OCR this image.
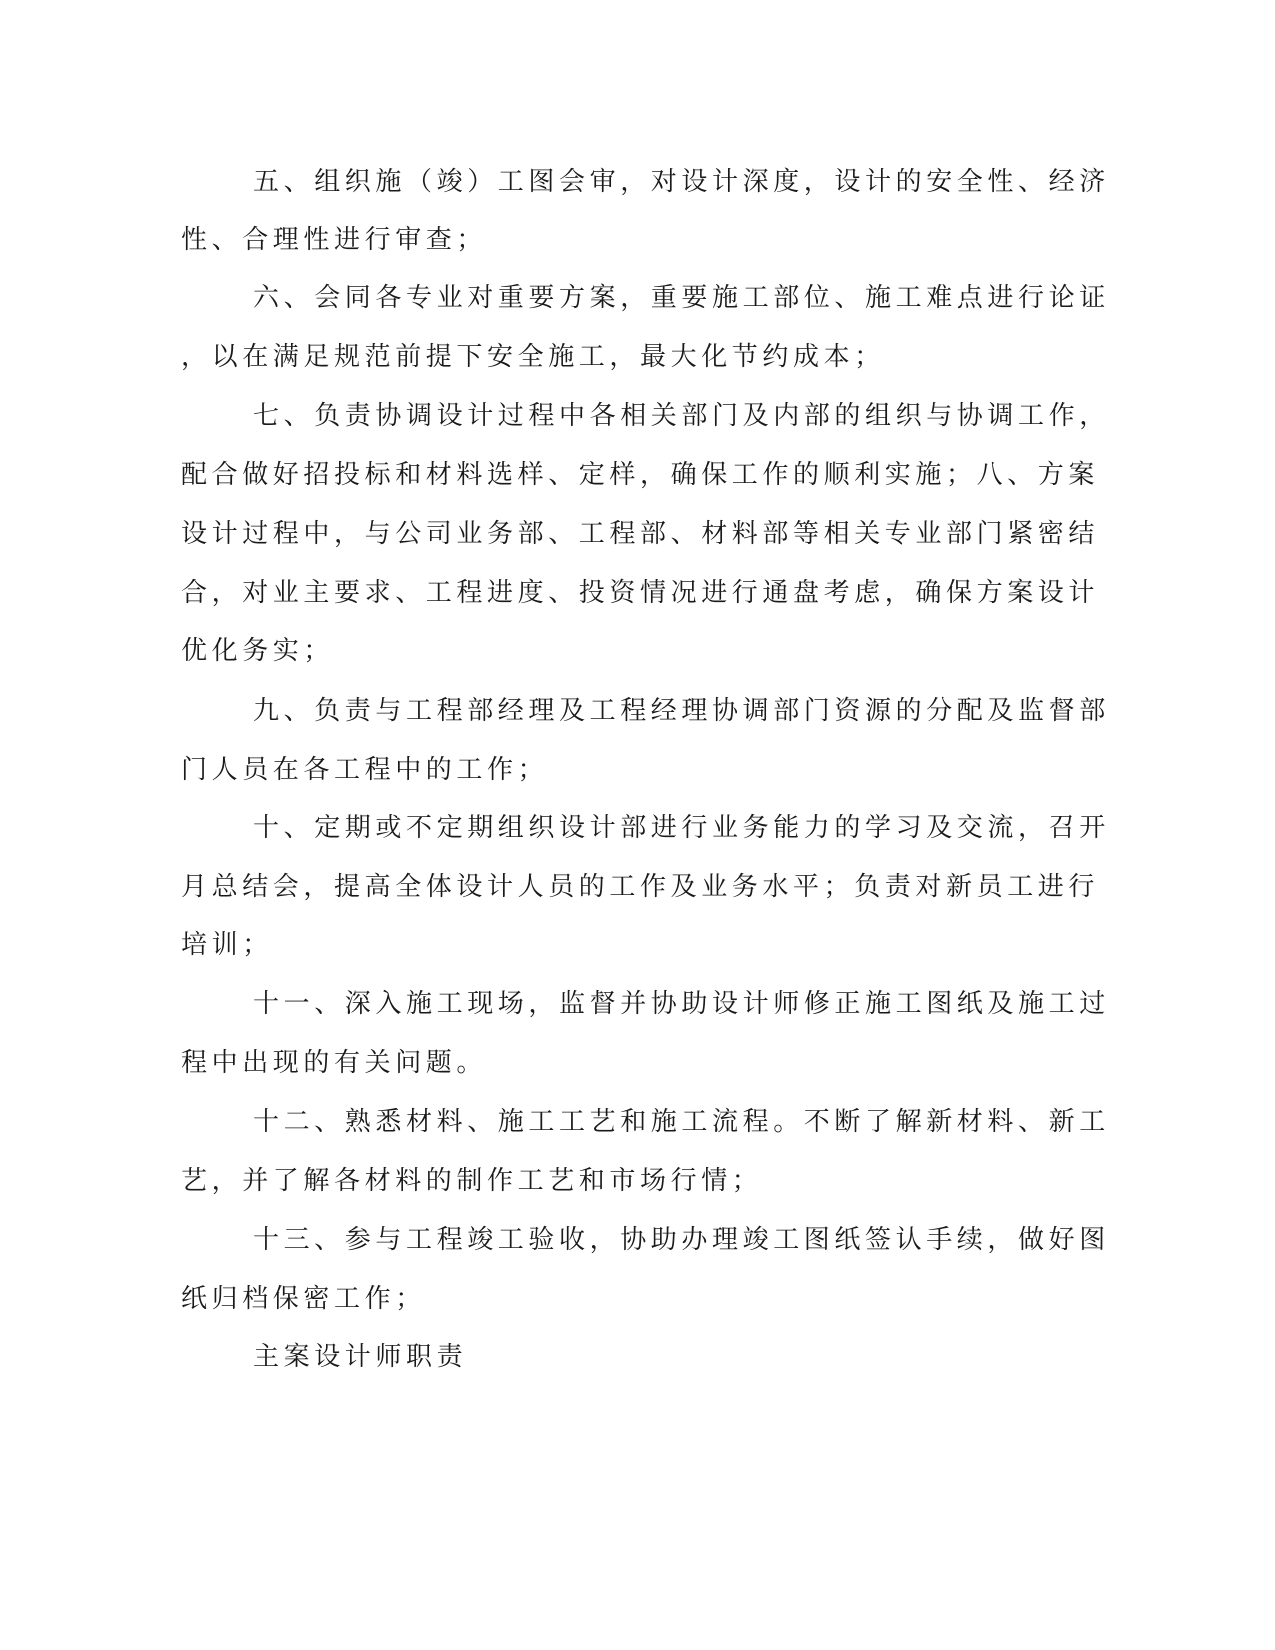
五、组织施（竣）工图会审，对设计深度，设计的安全性、经济

性、合理性进行审查；

六、会同各专业对重要方案，重要施工部位、施工难点进行论证

，以在满足规范前提下安全施工，最大化节约成本；

七、负责协调设计过程中各相关部门及内部的组织与协调工作，

配合做好招投标和材料选样、定样，确保工作的顺利实施；八、方案

设计过程中，与公司业务部、工程部、材料部等相关专业部门紧密结

合，对业主要求、工程进度、投资情况进行通盘考虑，确保方案设计

优化务实；

九、负责与工程部经理及工程经理协调部门资源的分配及监督部

门人员在各工程中的工作；

十、定期或不定期组织设计部进行业务能力的学习及交流，召开

月总结会，提高全体设计人员的工作及业务水平；负责对新员工进行

培训；

十一、深入施工现场，监督并协助设计师修正施工图纸及施工过

程中出现的有关问题。

十二、熟悉材料、施工工艺和施工流程。不断了解新材料、新工

艺，并了解各材料的制作工艺和市场行情；

十三、参与工程竣工验收，协助办理竣工图纸签认手续，做好图

纸归档保密工作；

主案设计师职责
